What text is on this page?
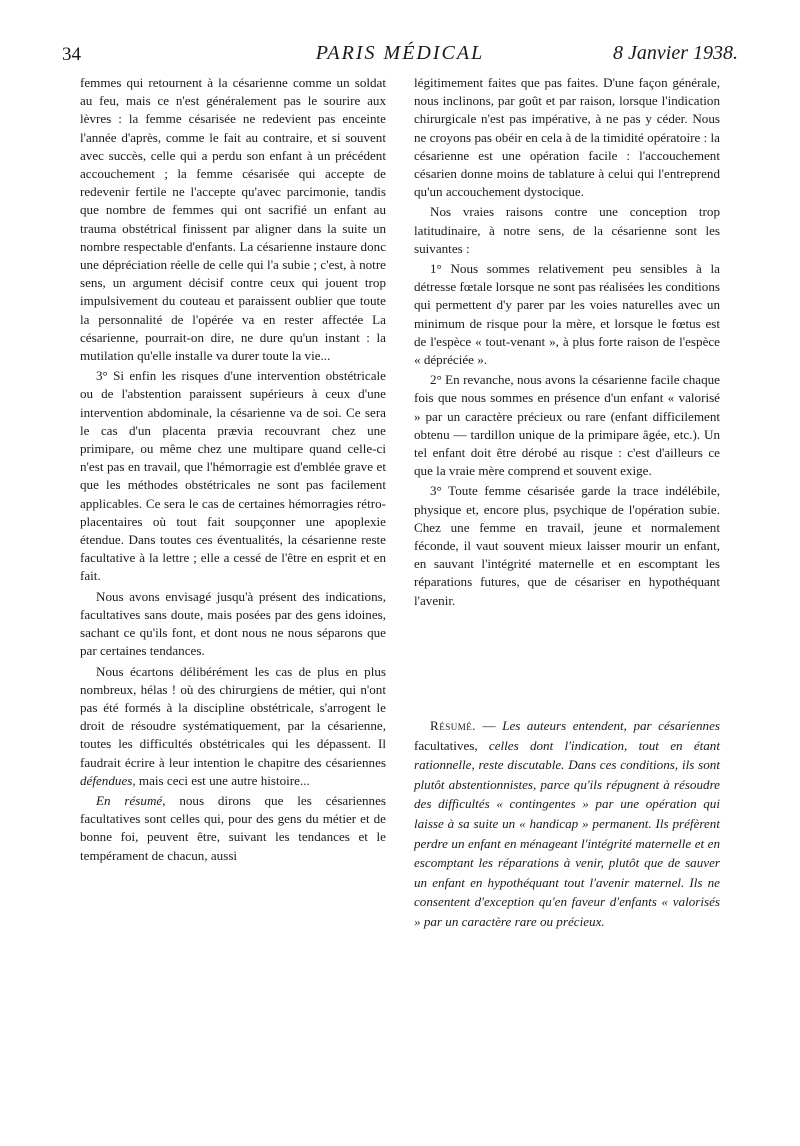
34	PARIS MÉDICAL	8 Janvier 1938.

femmes qui retournent à la césarienne comme un soldat au feu, mais ce n'est généralement pas le sourire aux lèvres : la femme césarisée ne redevient pas enceinte l'année d'après, comme le fait au contraire, et si souvent avec succès, celle qui a perdu son enfant à un précédent accouchement ; la femme césarisée qui accepte de redevenir fertile ne l'accepte qu'avec parcimonie, tandis que nombre de femmes qui ont sacrifié un enfant au trauma obstétrical finissent par aligner dans la suite un nombre respectable d'enfants. La césarienne instaure donc une dépréciation réelle de celle qui l'a subie ; c'est, à notre sens, un argument décisif contre ceux qui jouent trop impulsivement du couteau et paraissent oublier que toute la personnalité de l'opérée va en rester affectée La césarienne, pourrait-on dire, ne dure qu'un instant : la mutilation qu'elle installe va durer toute la vie...

3° Si enfin les risques d'une intervention obstétricale ou de l'abstention paraissent supérieurs à ceux d'une intervention abdominale, la césarienne va de soi. Ce sera le cas d'un placenta prævia recouvrant chez une primipare, ou même chez une multipare quand celle-ci n'est pas en travail, que l'hémorragie est d'emblée grave et que les méthodes obstétricales ne sont pas facilement applicables. Ce sera le cas de certaines hémorragies rétro-placentaires où tout fait soupçonner une apoplexie étendue. Dans toutes ces éventualités, la césarienne reste facultative à la lettre ; elle a cessé de l'être en esprit et en fait.

Nous avons envisagé jusqu'à présent des indications, facultatives sans doute, mais posées par des gens idoines, sachant ce qu'ils font, et dont nous ne nous séparons que par certaines tendances.

Nous écartons délibérément les cas de plus en plus nombreux, hélas ! où des chirurgiens de métier, qui n'ont pas été formés à la discipline obstétricale, s'arrogent le droit de résoudre systématiquement, par la césarienne, toutes les difficultés obstétricales qui les dépassent. Il faudrait écrire à leur intention le chapitre des césariennes défendues, mais ceci est une autre histoire...

En résumé, nous dirons que les césariennes facultatives sont celles qui, pour des gens du métier et de bonne foi, peuvent être, suivant les tendances et le tempérament de chacun, aussi

légitimement faites que pas faites. D'une façon générale, nous inclinons, par goût et par raison, lorsque l'indication chirurgicale n'est pas impérative, à ne pas y céder. Nous ne croyons pas obéir en cela à de la timidité opératoire : la césarienne est une opération facile : l'accouchement césarien donne moins de tablature à celui qui l'entreprend qu'un accouchement dystocique.

Nos vraies raisons contre une conception trop latitudinaire, à notre sens, de la césarienne sont les suivantes :

1° Nous sommes relativement peu sensibles à la détresse fœtale lorsque ne sont pas réalisées les conditions qui permettent d'y parer par les voies naturelles avec un minimum de risque pour la mère, et lorsque le fœtus est de l'espèce « tout-venant », à plus forte raison de l'espèce « dépréciée ».

2° En revanche, nous avons la césarienne facile chaque fois que nous sommes en présence d'un enfant « valorisé » par un caractère précieux ou rare (enfant difficilement obtenu — tardillon unique de la primipare âgée, etc.). Un tel enfant doit être dérobé au risque : c'est d'ailleurs ce que la vraie mère comprend et souvent exige.

3° Toute femme césarisée garde la trace indélébile, physique et, encore plus, psychique de l'opération subie. Chez une femme en travail, jeune et normalement féconde, il vaut souvent mieux laisser mourir un enfant, en sauvant l'intégrité maternelle et en escomptant les réparations futures, que de césariser en hypothéquant l'avenir.

Résumé. — Les auteurs entendent, par césariennes facultatives, celles dont l'indication, tout en étant rationnelle, reste discutable. Dans ces conditions, ils sont plutôt abstentionnistes, parce qu'ils répugnent à résoudre des difficultés « contingentes » par une opération qui laisse à sa suite un « handicap » permanent. Ils préfèrent perdre un enfant en ménageant l'intégrité maternelle et en escomptant les réparations à venir, plutôt que de sauver un enfant en hypothéquant tout l'avenir maternel. Ils ne consentent d'exception qu'en faveur d'enfants « valorisés » par un caractère rare ou précieux.
